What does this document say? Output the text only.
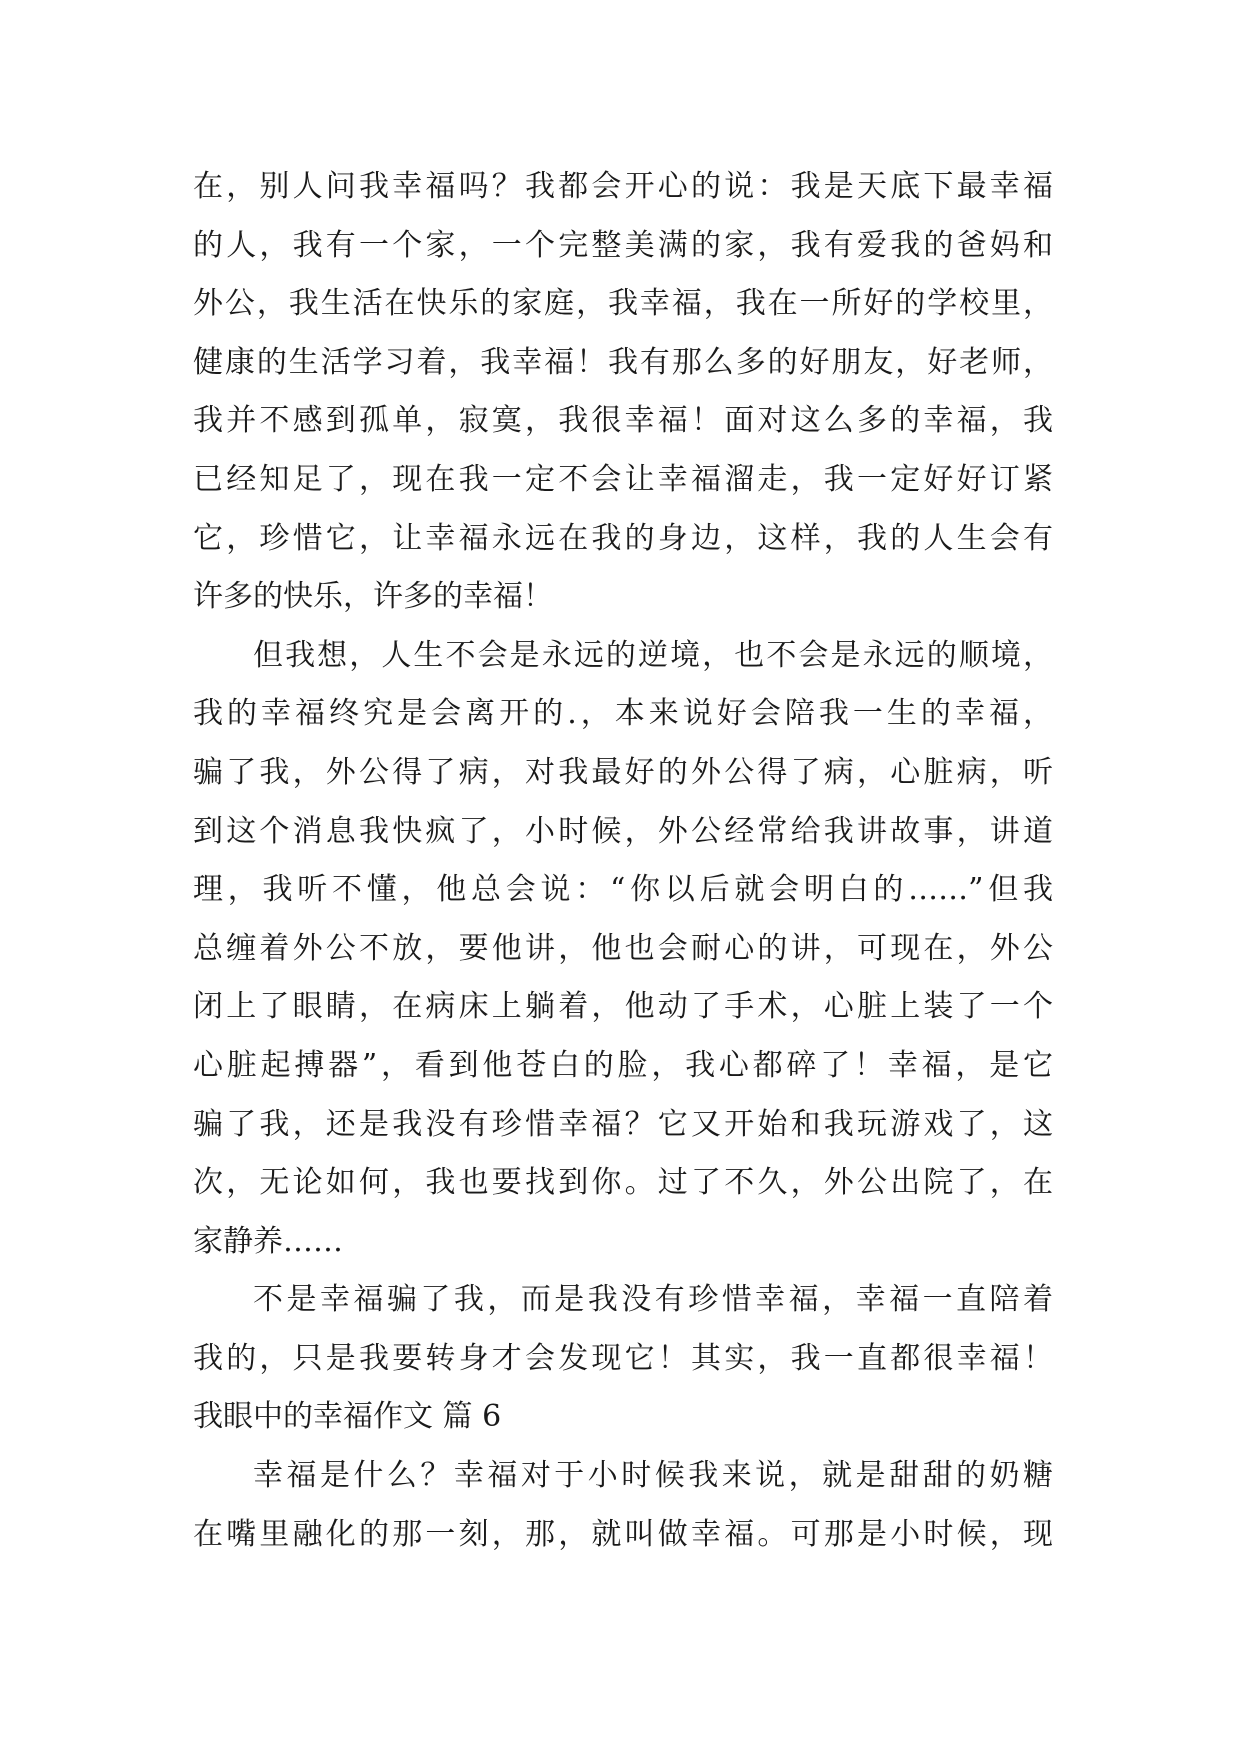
在，别人问我幸福吗？我都会开心的说：我是天底下最幸福
的人，我有一个家，一个完整美满的家，我有爱我的爸妈和
外公，我生活在快乐的家庭，我幸福，我在一所好的学校里，
健康的生活学习着，我幸福！我有那么多的好朋友，好老师，
我并不感到孤单，寂寞，我很幸福！面对这么多的幸福，我
已经知足了，现在我一定不会让幸福溜走，我一定好好订紧
它，珍惜它，让幸福永远在我的身边，这样，我的人生会有
许多的快乐，许多的幸福！
但我想，人生不会是永远的逆境，也不会是永远的顺境，
我的幸福终究是会离开的.，本来说好会陪我一生的幸福，
骗了我，外公得了病，对我最好的外公得了病，心脏病，听
到这个消息我快疯了，小时候，外公经常给我讲故事，讲道
理，我听不懂，他总会说：“你以后就会明白的……”但我
总缠着外公不放，要他讲，他也会耐心的讲，可现在，外公
闭上了眼睛，在病床上躺着，他动了手术，心脏上装了一个
心脏起搏器”，看到他苍白的脸，我心都碎了！幸福，是它
骗了我，还是我没有珍惜幸福？它又开始和我玩游戏了，这
次，无论如何，我也要找到你。过了不久，外公出院了，在
家静养……
不是幸福骗了我，而是我没有珍惜幸福，幸福一直陪着
我的，只是我要转身才会发现它！其实，我一直都很幸福！
我眼中的幸福作文 篇 6
幸福是什么？幸福对于小时候我来说，就是甜甜的奶糖
在嘴里融化的那一刻，那，就叫做幸福。可那是小时候，现
